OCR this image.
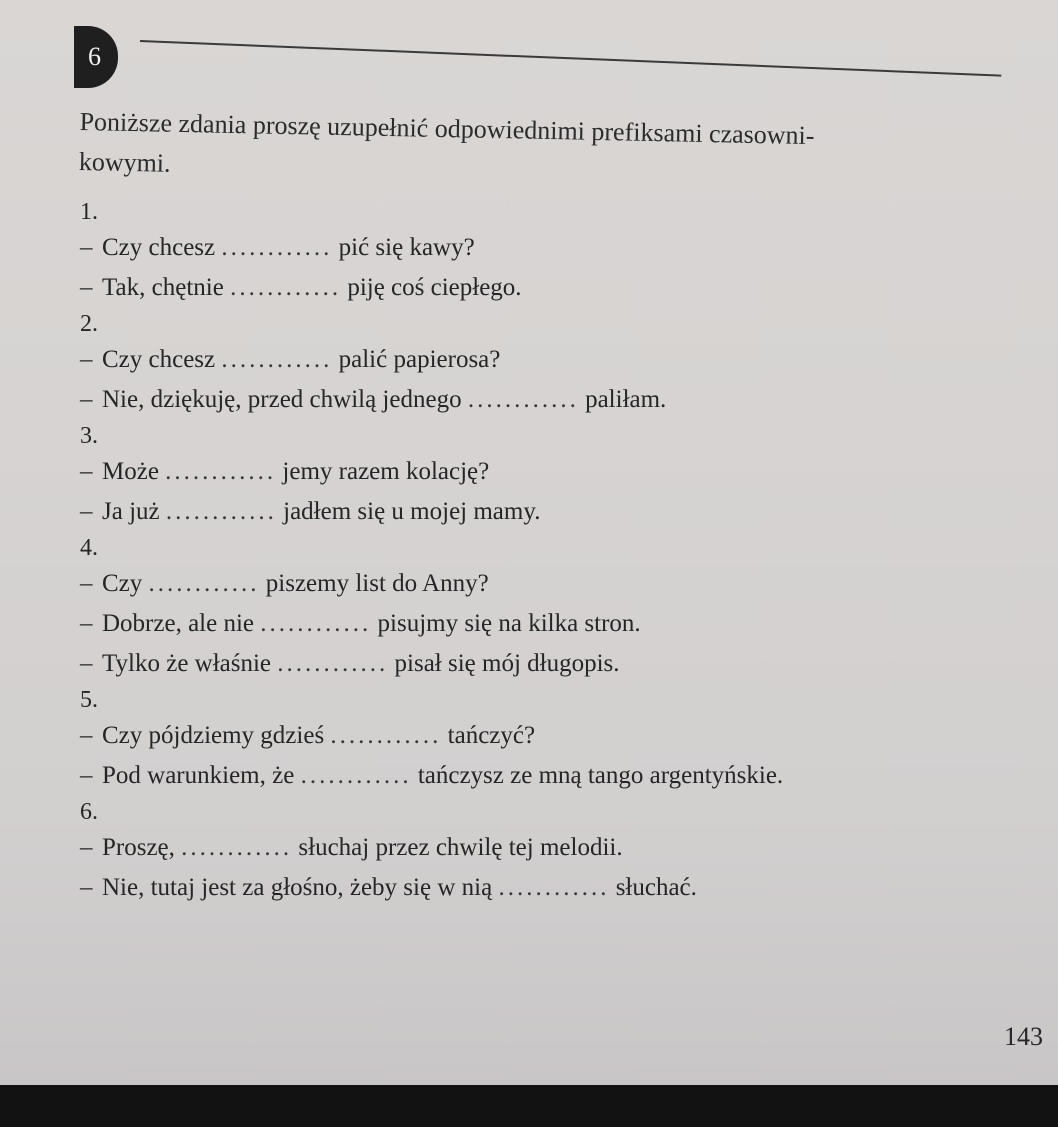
6
Poniższe zdania proszę uzupełnić odpowiednimi prefiksami czasowni-
kowymi.
1.
– Czy chcesz ............ pić się kawy?
– Tak, chętnie ............ piję coś ciepłego.
2.
– Czy chcesz ............ palić papierosa?
– Nie, dziękuję, przed chwilą jednego ............ paliłam.
3.
– Może ............ jemy razem kolację?
– Ja już ............ jadłem się u mojej mamy.
4.
– Czy ............ piszemy list do Anny?
– Dobrze, ale nie ............ pisujmy się na kilka stron.
– Tylko że właśnie ............ pisał się mój długopis.
5.
– Czy pójdziemy gdzieś ............ tańczyć?
– Pod warunkiem, że ............ tańczysz ze mną tango argentyńskie.
6.
– Proszę, ............ słuchaj przez chwilę tej melodii.
– Nie, tutaj jest za głośno, żeby się w nią ............ słuchać.
143
